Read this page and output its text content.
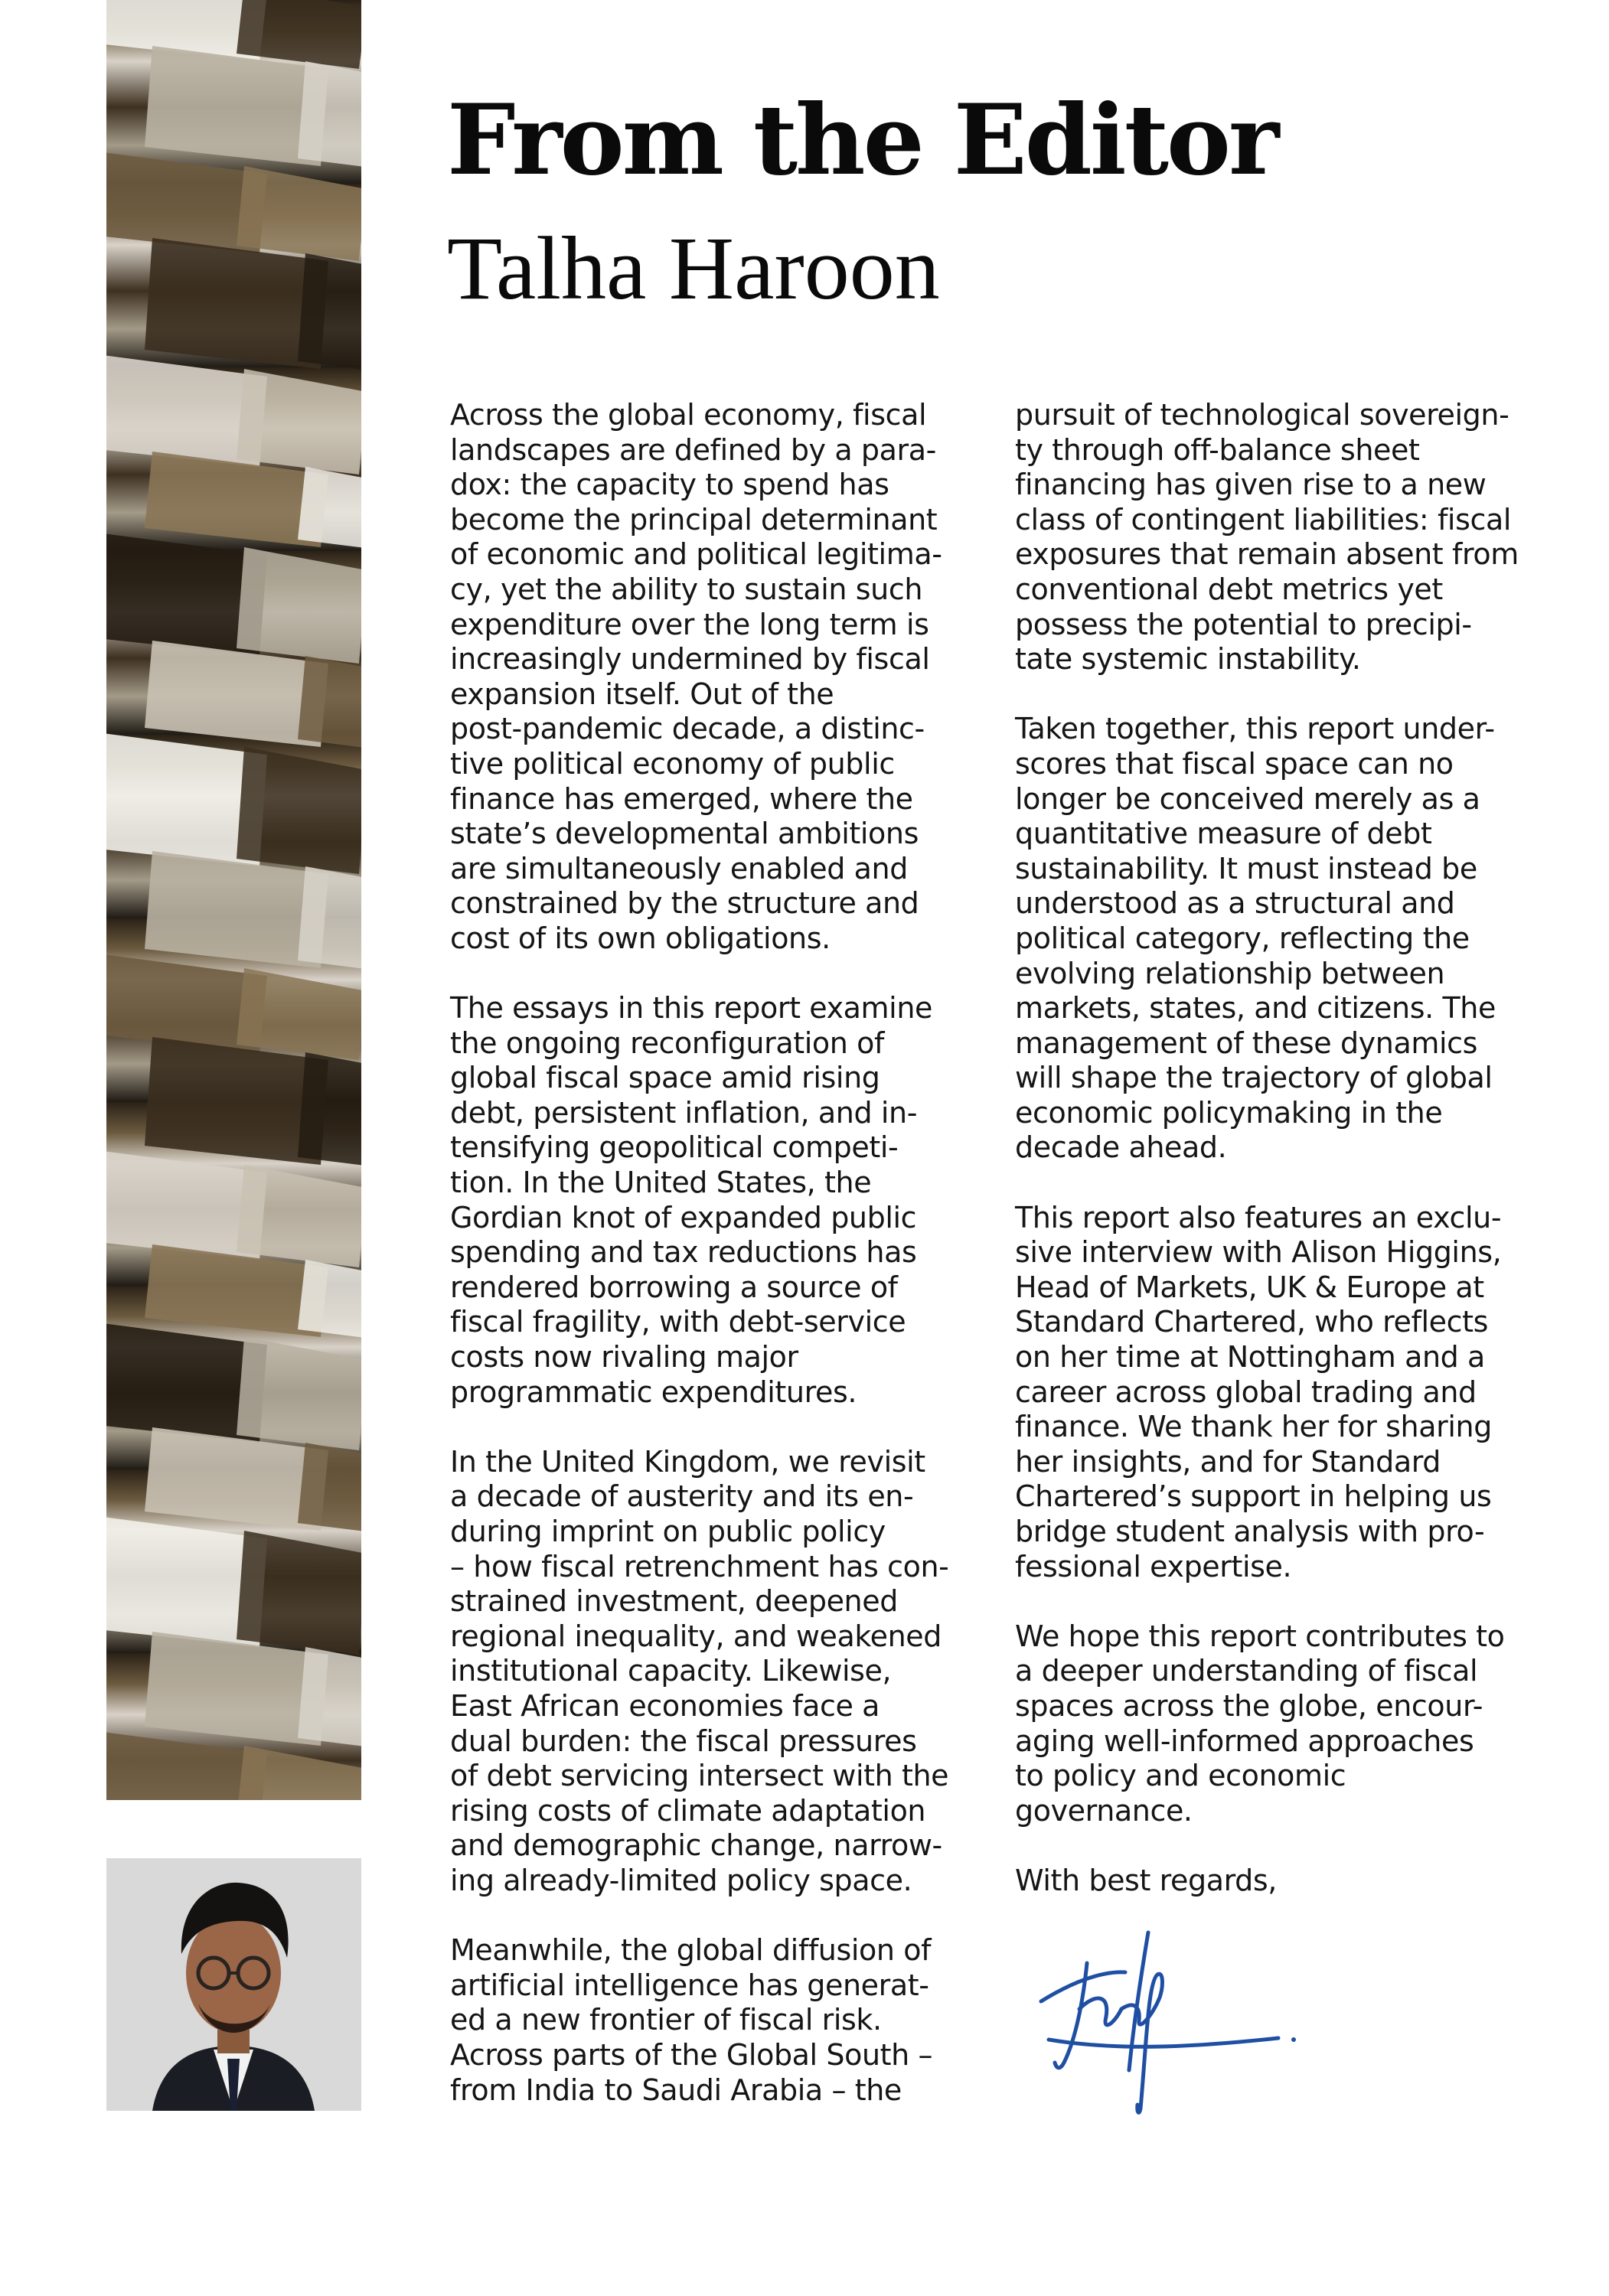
From the Editor
Talha Haroon

Across the global economy, fiscal
landscapes are defined by a para-
dox: the capacity to spend has
become the principal determinant
of economic and political legitima-
cy, yet the ability to sustain such
expenditure over the long term is
increasingly undermined by fiscal
expansion itself. Out of the
post-pandemic decade, a distinc-
tive political economy of public
finance has emerged, where the
state’s developmental ambitions
are simultaneously enabled and
constrained by the structure and
cost of its own obligations.

The essays in this report examine
the ongoing reconfiguration of
global fiscal space amid rising
debt, persistent inflation, and in-
tensifying geopolitical competi-
tion. In the United States, the
Gordian knot of expanded public
spending and tax reductions has
rendered borrowing a source of
fiscal fragility, with debt-service
costs now rivaling major
programmatic expenditures.

In the United Kingdom, we revisit
a decade of austerity and its en-
during imprint on public policy
– how fiscal retrenchment has con-
strained investment, deepened
regional inequality, and weakened
institutional capacity. Likewise,
East African economies face a
dual burden: the fiscal pressures
of debt servicing intersect with the
rising costs of climate adaptation
and demographic change, narrow-
ing already-limited policy space.

Meanwhile, the global diffusion of
artificial intelligence has generat-
ed a new frontier of fiscal risk.
Across parts of the Global South –
from India to Saudi Arabia – the

pursuit of technological sovereign-
ty through off-balance sheet
financing has given rise to a new
class of contingent liabilities: fiscal
exposures that remain absent from
conventional debt metrics yet
possess the potential to precipi-
tate systemic instability.

Taken together, this report under-
scores that fiscal space can no
longer be conceived merely as a
quantitative measure of debt
sustainability. It must instead be
understood as a structural and
political category, reflecting the
evolving relationship between
markets, states, and citizens. The
management of these dynamics
will shape the trajectory of global
economic policymaking in the
decade ahead.

This report also features an exclu-
sive interview with Alison Higgins,
Head of Markets, UK & Europe at
Standard Chartered, who reflects
on her time at Nottingham and a
career across global trading and
finance. We thank her for sharing
her insights, and for Standard
Chartered’s support in helping us
bridge student analysis with pro-
fessional expertise.

We hope this report contributes to
a deeper understanding of fiscal
spaces across the globe, encour-
aging well-informed approaches
to policy and economic
governance.

With best regards,
